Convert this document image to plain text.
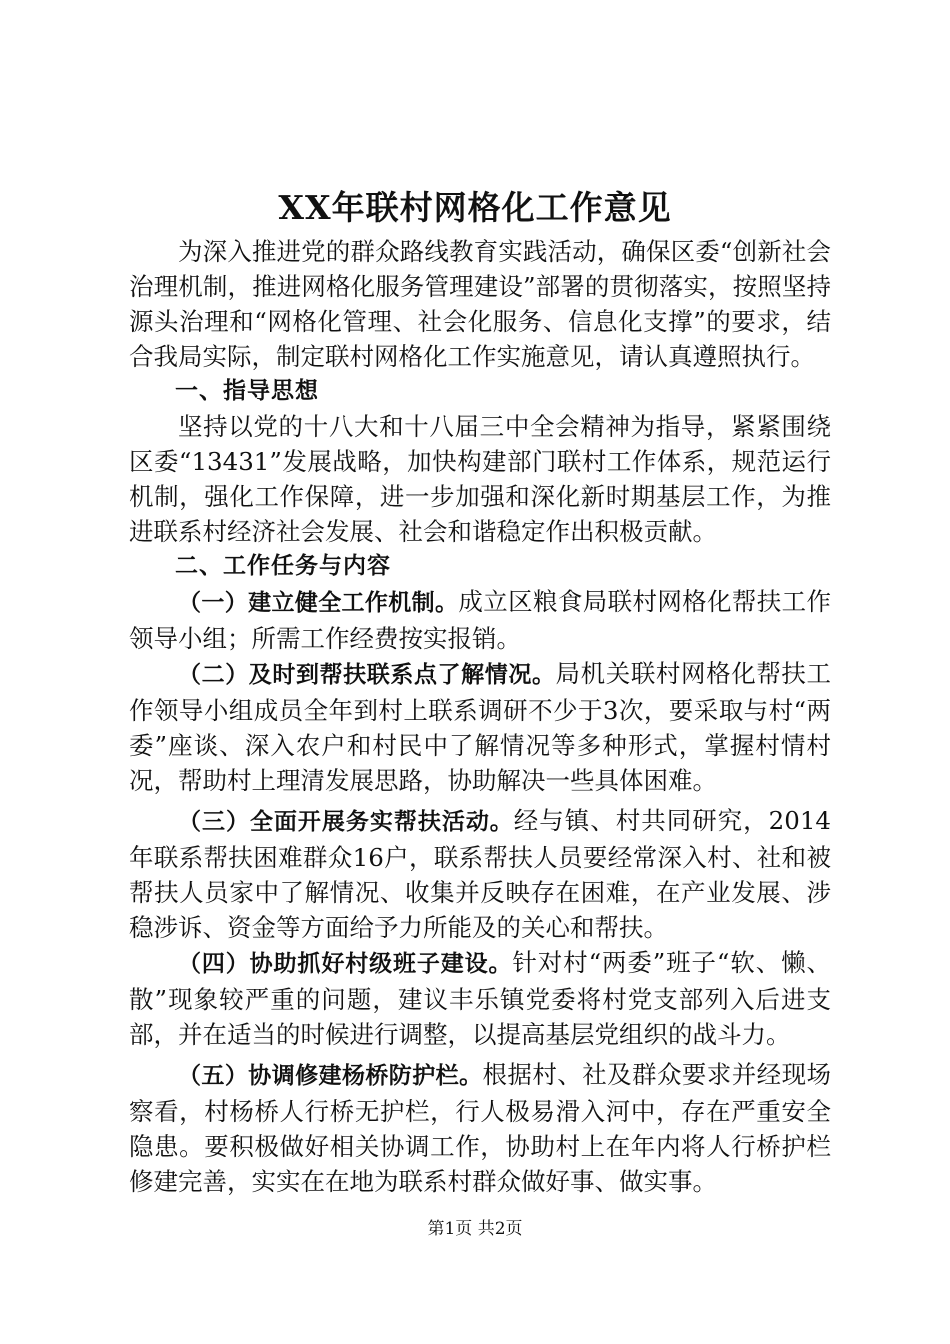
XX年联村网格化工作意见

为深入推进党的群众路线教育实践活动，确保区委“创新社会治理机制，推进网格化服务管理建设”部署的贯彻落实，按照坚持源头治理和“网格化管理、社会化服务、信息化支撑”的要求，结合我局实际，制定联村网格化工作实施意见，请认真遵照执行。

一、指导思想

坚持以党的十八大和十八届三中全会精神为指导，紧紧围绕区委“13431”发展战略，加快构建部门联村工作体系，规范运行机制，强化工作保障，进一步加强和深化新时期基层工作，为推进联系村经济社会发展、社会和谐稳定作出积极贡献。

二、工作任务与内容

（一）建立健全工作机制。成立区粮食局联村网格化帮扶工作领导小组；所需工作经费按实报销。

（二）及时到帮扶联系点了解情况。局机关联村网格化帮扶工作领导小组成员全年到村上联系调研不少于3次，要采取与村“两委”座谈、深入农户和村民中了解情况等多种形式，掌握村情村况，帮助村上理清发展思路，协助解决一些具体困难。

（三）全面开展务实帮扶活动。经与镇、村共同研究，2014年联系帮扶困难群众16户，联系帮扶人员要经常深入村、社和被帮扶人员家中了解情况、收集并反映存在困难，在产业发展、涉稳涉诉、资金等方面给予力所能及的关心和帮扶。

（四）协助抓好村级班子建设。针对村“两委”班子“软、懒、散”现象较严重的问题，建议丰乐镇党委将村党支部列入后进支部，并在适当的时候进行调整，以提高基层党组织的战斗力。

（五）协调修建杨桥防护栏。根据村、社及群众要求并经现场察看，村杨桥人行桥无护栏，行人极易滑入河中，存在严重安全隐患。要积极做好相关协调工作，协助村上在年内将人行桥护栏修建完善，实实在在地为联系村群众做好事、做实事。

第1页 共2页
